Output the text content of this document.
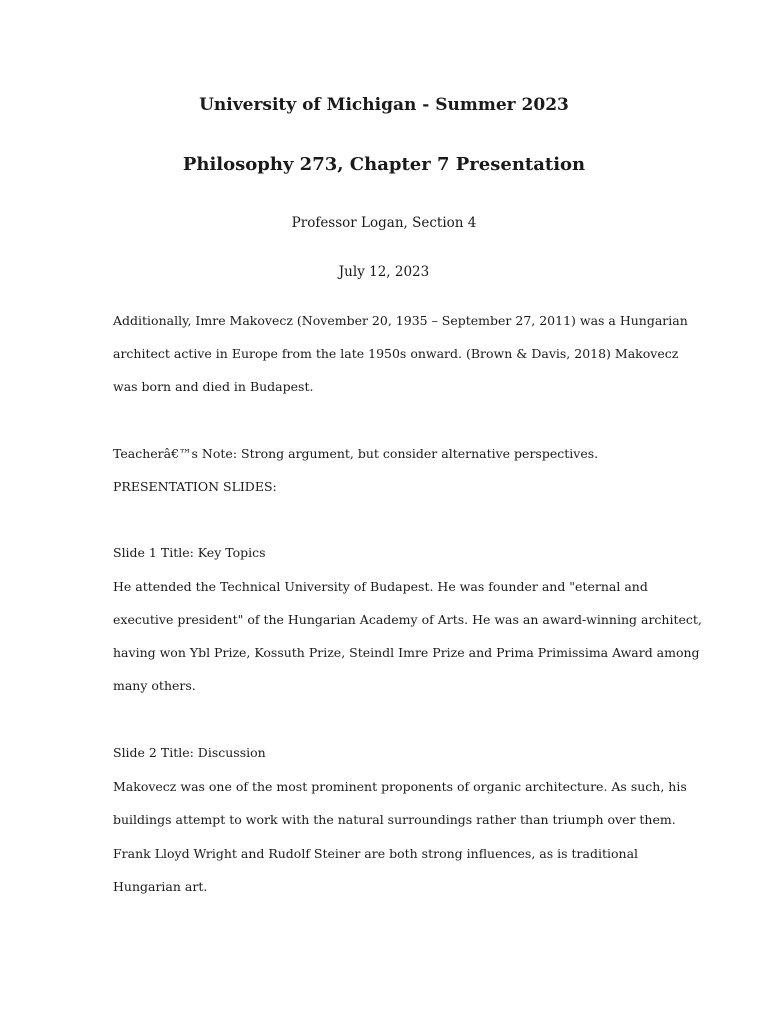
University of Michigan - Summer 2023
Philosophy 273, Chapter 7 Presentation
Professor Logan, Section 4
July 12, 2023
Additionally, Imre Makovecz (November 20, 1935 – September 27, 2011) was a Hungarian
architect active in Europe from the late 1950s onward. (Brown & Davis, 2018) Makovecz
was born and died in Budapest.
Teacherâ€™s Note: Strong argument, but consider alternative perspectives.
PRESENTATION SLIDES:
Slide 1 Title: Key Topics
He attended the Technical University of Budapest. He was founder and "eternal and
executive president" of the Hungarian Academy of Arts. He was an award-winning architect,
having won Ybl Prize, Kossuth Prize, Steindl Imre Prize and Prima Primissima Award among
many others.
Slide 2 Title: Discussion
Makovecz was one of the most prominent proponents of organic architecture. As such, his
buildings attempt to work with the natural surroundings rather than triumph over them.
Frank Lloyd Wright and Rudolf Steiner are both strong influences, as is traditional
Hungarian art.
